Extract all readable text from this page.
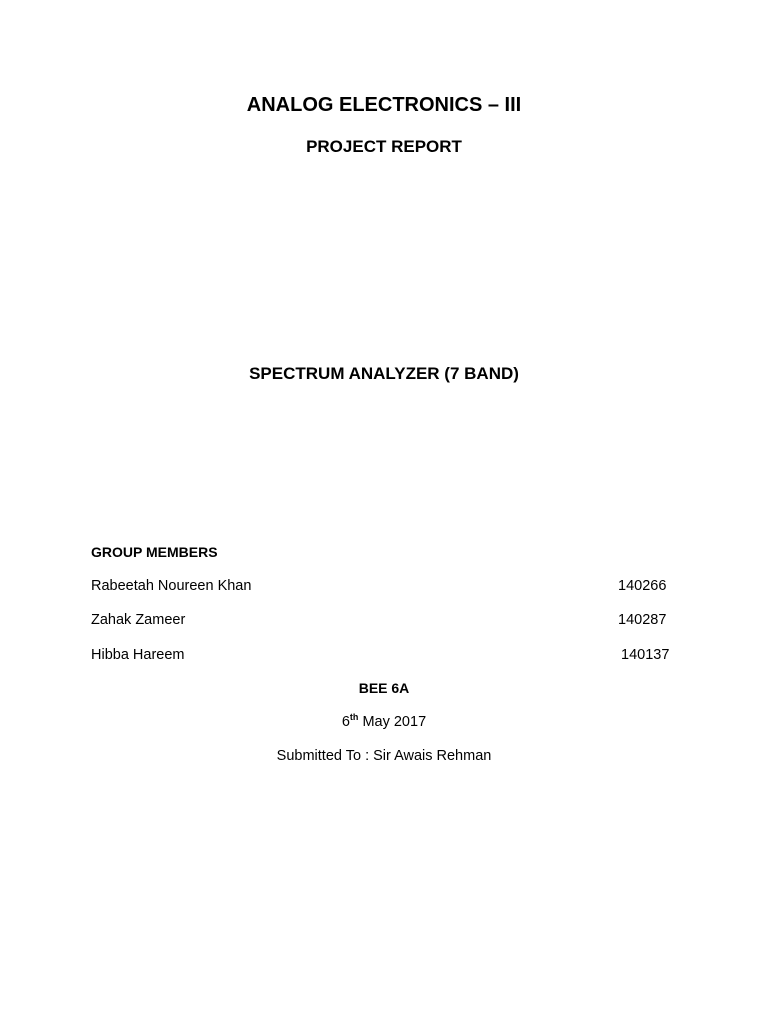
ANALOG ELECTRONICS – III
PROJECT REPORT
SPECTRUM ANALYZER (7 BAND)
GROUP MEMBERS
Rabeetah Noureen Khan	140266
Zahak Zameer	140287
Hibba Hareem	140137
BEE 6A
6th May 2017
Submitted To : Sir Awais Rehman
